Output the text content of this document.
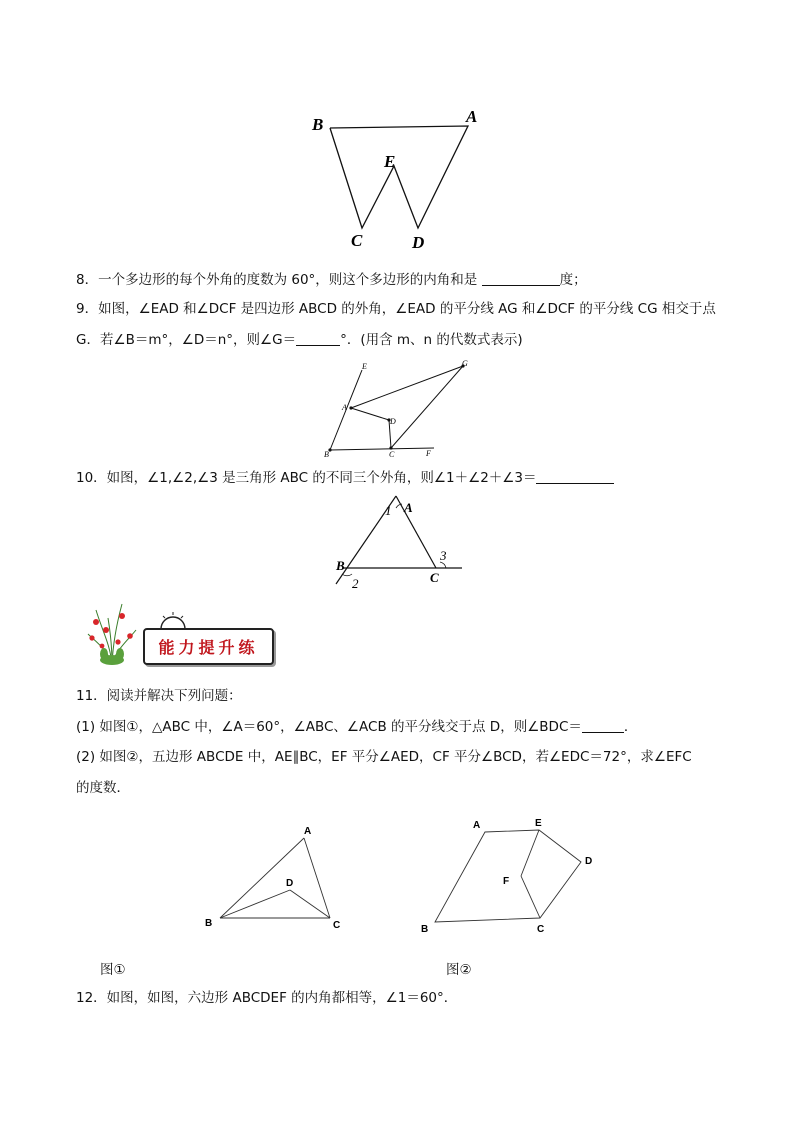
B	A
E
C	D
8．一个多边形的每个外角的度数为 60°，则这个多边形的内角和是	度；
9．如图，∠EAD 和∠DCF 是四边形 ABCD 的外角，∠EAD 的平分线 AG 和∠DCF 的平分线 CG 相交于点
G．若∠B＝m°，∠D＝n°，则∠G＝	°．(用含 m、n 的代数式表示)
E	G
A
D
B	C	F
10．如图，∠1,∠2,∠3 是三角形 ABC 的不同三个外角，则∠1＋∠2＋∠3＝
1 A
B
C
2
3
能力提升练
11．阅读并解决下列问题：
(1) 如图①，△ABC 中，∠A＝60°，∠ABC、∠ACB 的平分线交于点 D，则∠BDC＝	．
(2) 如图②，五边形 ABCDE 中，AE∥BC，EF 平分∠AED，CF 平分∠BCD，若∠EDC＝72°，求∠EFC
的度数．
A
D
B	C
A	E
D
F
B	C
图①	图②
12．如图，如图，六边形 ABCDEF 的内角都相等，∠1＝60°．
